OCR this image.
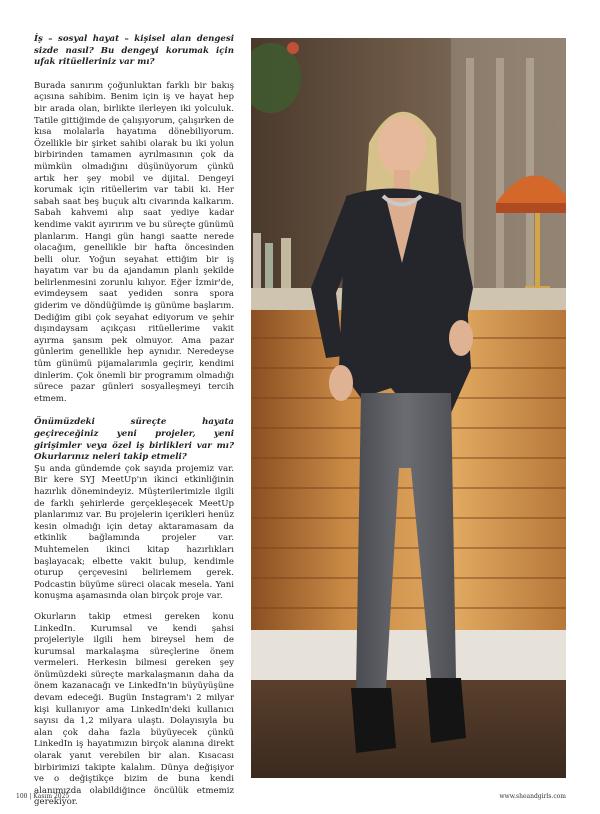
İş – sosyal hayat – kişisel alan dengesi sizde nasıl? Bu dengeyi korumak için ufak ritüelleriniz var mı?

Burada sanırım çoğunluktan farklı bir bakış açısına sahibim. Benim için iş ve hayat hep bir arada olan, birlikte ilerleyen iki yolculuk. Tatile gittiğimde de çalışıyorum, çalışırken de kısa molalarla hayatıma dönebiliyorum. Özellikle bir şirket sahibi olarak bu iki yolun birbirinden tamamen ayrılmasının çok da mümkün olmadığını düşünüyorum çünkü artık her şey mobil ve dijital. Dengeyi korumak için ritüellerim var tabii ki. Her sabah saat beş buçuk altı civarında kalkarım. Sabah kahvemi alıp saat yediye kadar kendime vakit ayırırım ve bu süreçte günümü planlarım. Hangi gün hangi saatte nerede olacağım, genellikle bir hafta öncesinden belli olur. Yoğun seyahat ettiğim bir iş hayatım var bu da ajandamın planlı şekilde belirlenmesini zorunlu kılıyor. Eğer İzmir'de, evimdeysem saat yediden sonra spora giderim ve döndüğümde iş günüme başlarım. Dediğim gibi çok seyahat ediyorum ve şehir dışındaysam açıkçası ritüellerime vakit ayırma şansım pek olmuyor. Ama pazar günlerim genellikle hep aynıdır. Neredeyse tüm günümü pijamalarımla geçirir, kendimi dinlerim. Çok önemli bir programım olmadığı sürece pazar günleri sosyalleşmeyi tercih etmem.

Önümüzdeki süreçte hayata geçireceğiniz yeni projeler, yeni girişimler veya özel iş birlikleri var mı? Okurlarınız neleri takip etmeli?

Şu anda gündemde çok sayıda projemiz var. Bir kere SYJ MeetUp'ın ikinci etkinliğinin hazırlık dönemindeyiz. Müşterilerimizle ilgili de farklı şehirlerde gerçekleşecek MeetUp planlarımız var. Bu projelerin içerikleri henüz kesin olmadığı için detay aktaramasam da etkinlik bağlamında projeler var. Muhtemelen ikinci kitap hazırlıkları başlayacak; elbette vakit bulup, kendimle oturup çerçevesini belirlemem gerek. Podcastin büyüme süreci olacak mesela. Yani konuşma aşamasında olan birçok proje var.

Okurların takip etmesi gereken konu LinkedIn. Kurumsal ve kendi şahsi projeleriyle ilgili hem bireysel hem de kurumsal markalaşma süreçlerine önem vermeleri. Herkesin bilmesi gereken şey önümüzdeki süreçte markalaşmanın daha da önem kazanacağı ve LinkedIn'in büyüyüşüne devam edeceği. Bugün Instagram'ı 2 milyar kişi kullanıyor ama LinkedIn'deki kullanıcı sayısı da 1,2 milyara ulaştı. Dolayısıyla bu alan çok daha fazla büyüyecek çünkü LinkedIn iş hayatımızın birçok alanına direkt olarak yanıt verebilen bir alan. Kısacası birbirimizi takipte kalalım. Dünya değişiyor ve o değiştikçe bizim de buna kendi alanımızda olabildiğince öncülük etmemiz gerekiyor.

100 | Kasım 2025	www.sheandgirls.com
